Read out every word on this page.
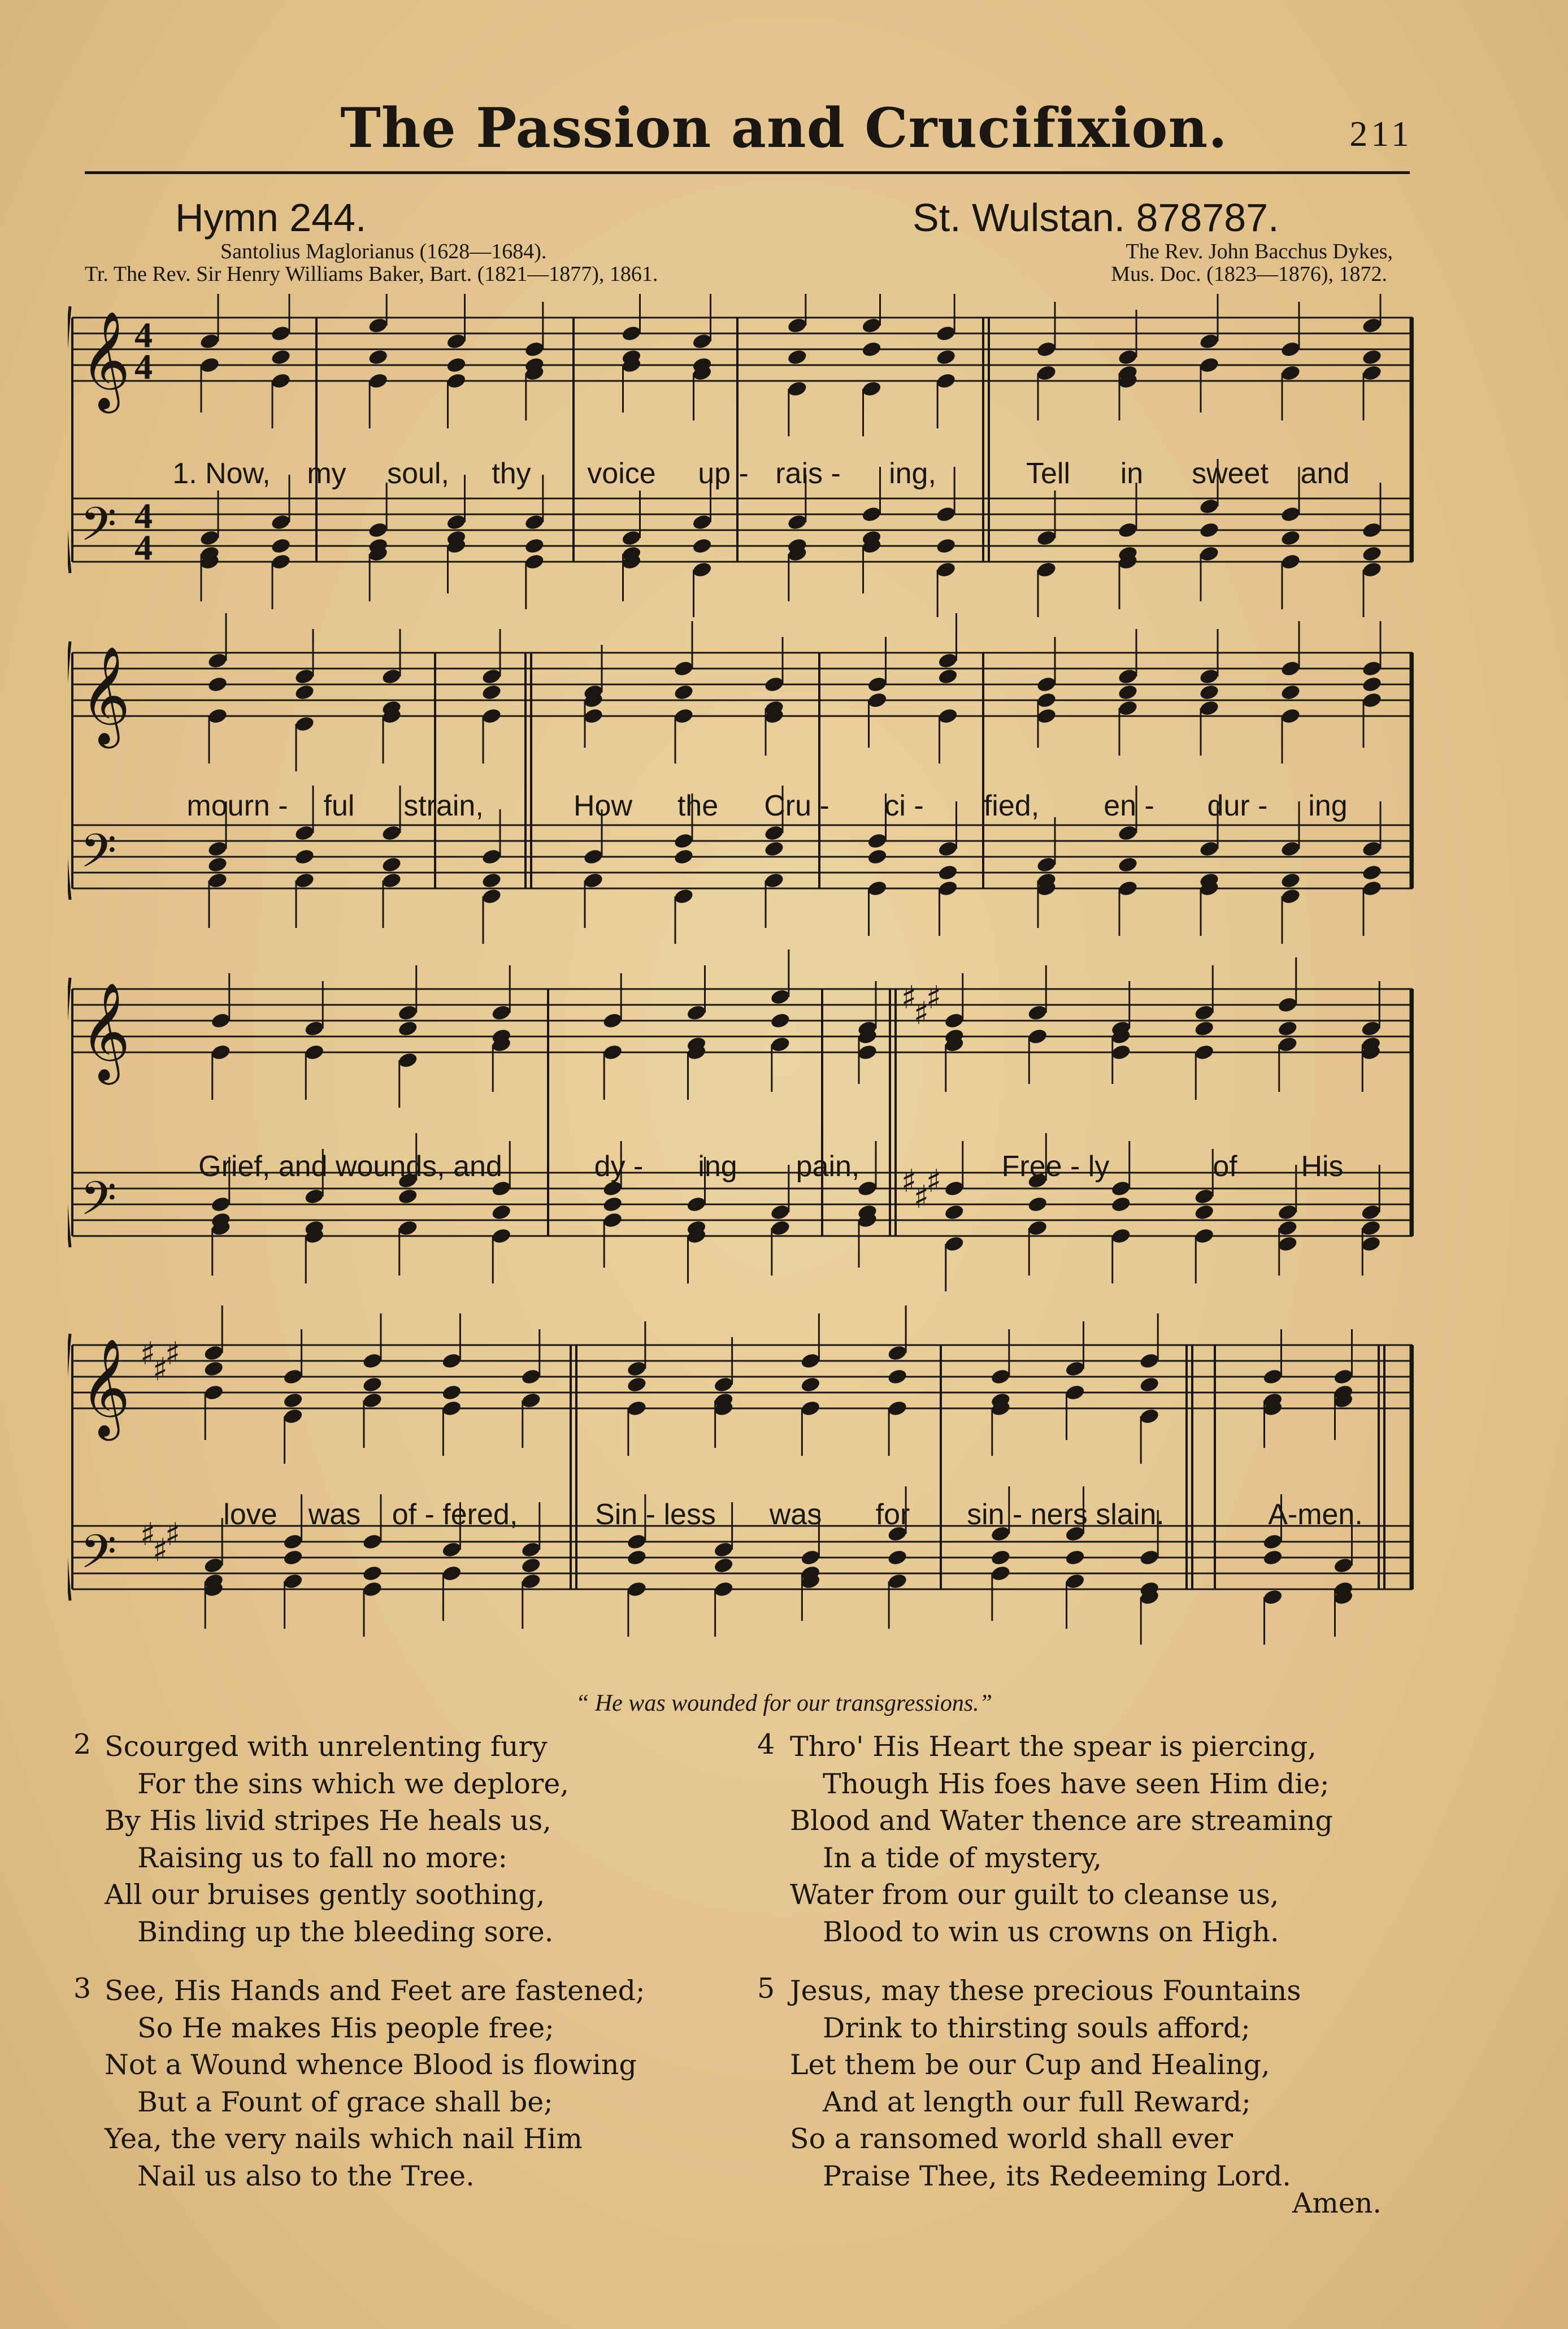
The Passion and Crucifixion.	211
Hymn 244.	St. Wulstan. 878787.
Santolius Maglorianus (1628—1684).
Tr. The Rev. Sir Henry Williams Baker, Bart. (1821—1877), 1861.
The Rev. John Bacchus Dykes,
Mus. Doc. (1823—1876), 1872.
𝄞 4
4
𝄢 4
4
𝄞
𝄢
𝄞	♯
♯
♯
𝄢	♯
♯
♯
𝄞 ♯
♯
♯
𝄢 ♯
♯
♯
1. Now, my soul, thy voice up - rais - ing,	Tell in sweet and
mourn - ful strain,	How the Cru - ci - fied, en - dur - ing
Grief, and wounds, and	dy - ing pain,	Free - ly	of His
love was of - fered,	Sin - less was for sin - ners slain.	A-men.
“ He was wounded for our transgressions.”
2 Scourged with unrelenting fury
For the sins which we deplore,
By His livid stripes He heals us,
Raising us to fall no more:
All our bruises gently soothing,
Binding up the bleeding sore.
3 See, His Hands and Feet are fastened;
So He makes His people free;
Not a Wound whence Blood is flowing
But a Fount of grace shall be;
Yea, the very nails which nail Him
Nail us also to the Tree.
4 Thro' His Heart the spear is piercing,
Though His foes have seen Him die;
Blood and Water thence are streaming
In a tide of mystery,
Water from our guilt to cleanse us,
Blood to win us crowns on High.
5 Jesus, may these precious Fountains
Drink to thirsting souls afford;
Let them be our Cup and Healing,
And at length our full Reward;
So a ransomed world shall ever
Praise Thee, its Redeeming Lord.
Amen.
